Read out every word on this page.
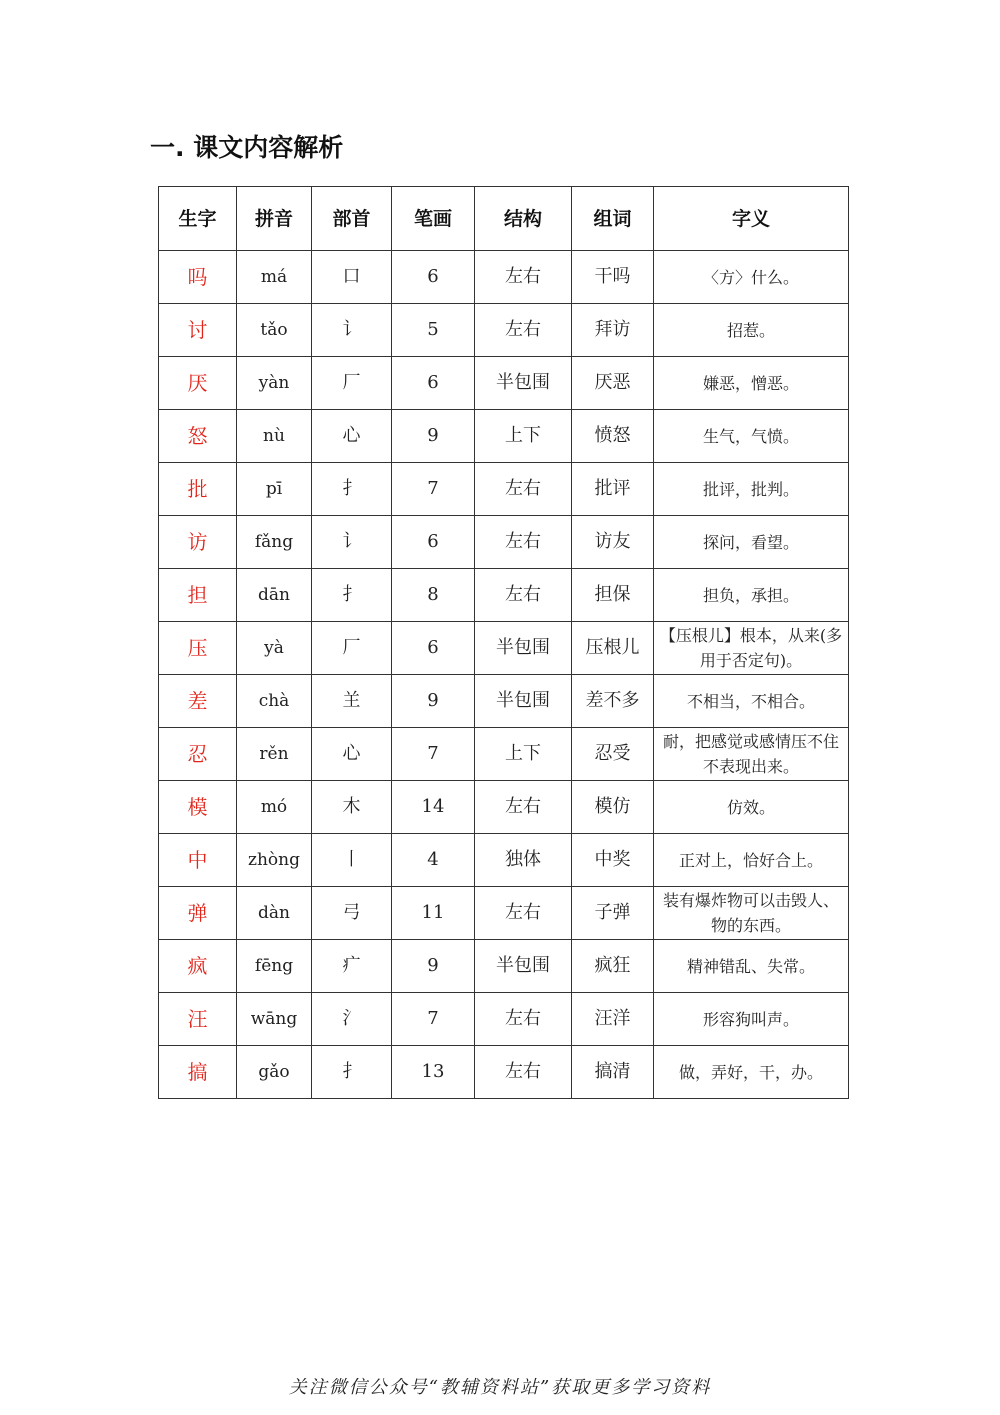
一. 课文内容解析
生字	拼音	部首	笔画	结构	组词	字义
吗	má	口	6	左右	干吗	〈方〉什么。
讨	tǎo	讠	5	左右	拜访	招惹。
厌	yàn	厂	6	半包围	厌恶	嫌恶，憎恶。
怒	nù	心	9	上下	愤怒	生气，气愤。
批	pī	扌	7	左右	批评	批评，批判。
访	fǎng	讠	6	左右	访友	探问，看望。
担	dān	扌	8	左右	担保	担负，承担。
压	yà	厂	6	半包围	压根儿	【压根儿】根本，从来(多用于否定句)。
差	chà	𦍌	9	半包围	差不多	不相当，不相合。
忍	rěn	心	7	上下	忍受	耐，把感觉或感情压不住不表现出来。
模	mó	木	14	左右	模仿	仿效。
中	zhòng	丨	4	独体	中奖	正对上，恰好合上。
弹	dàn	弓	11	左右	子弹	装有爆炸物可以击毁人、物的东西。
疯	fēng	疒	9	半包围	疯狂	精神错乱、失常。
汪	wāng	氵	7	左右	汪洋	形容狗叫声。
搞	gǎo	扌	13	左右	搞清	做，弄好，干，办。
关注微信公众号“教辅资料站”获取更多学习资料
